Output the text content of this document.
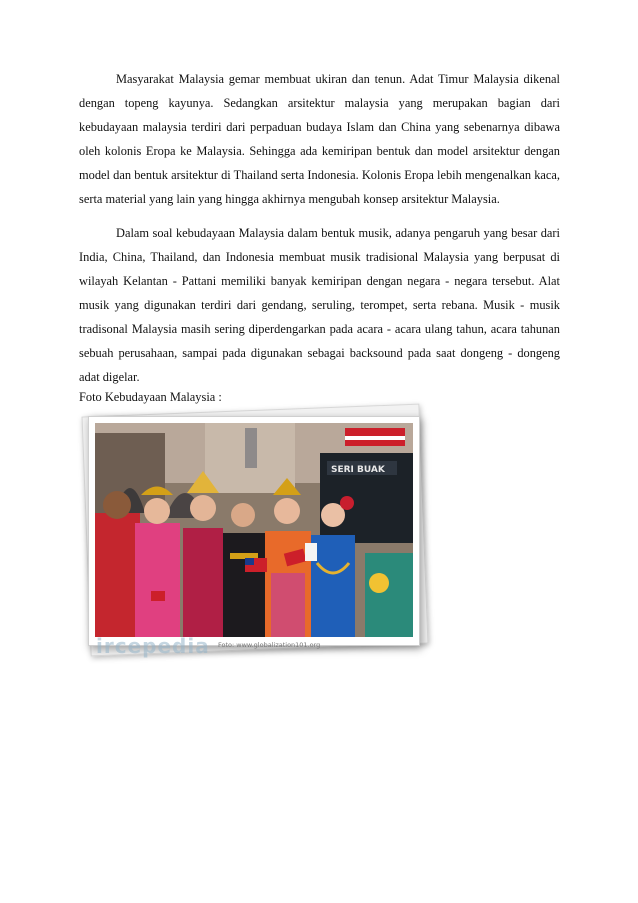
Masyarakat Malaysia gemar membuat ukiran dan tenun. Adat Timur Malaysia dikenal dengan topeng kayunya. Sedangkan arsitektur malaysia yang merupakan bagian dari kebudayaan malaysia terdiri dari perpaduan budaya Islam dan China yang sebenarnya dibawa oleh kolonis Eropa ke Malaysia. Sehingga ada kemiripan bentuk dan model arsitektur dengan model dan bentuk arsitektur di Thailand serta Indonesia. Kolonis Eropa lebih mengenalkan kaca, serta material yang lain yang hingga akhirnya mengubah konsep arsitektur Malaysia.

Dalam soal kebudayaan Malaysia dalam bentuk musik, adanya pengaruh yang besar dari India, China, Thailand, dan Indonesia membuat musik tradisional Malaysia yang berpusat di wilayah Kelantan - Pattani memiliki banyak kemiripan dengan negara - negara tersebut. Alat musik yang digunakan terdiri dari gendang, seruling, terompet, serta rebana. Musik - musik tradisonal Malaysia masih sering diperdengarkan pada acara - acara ulang tahun, acara tahunan sebuah perusahaan, sampai pada digunakan sebagai backsound pada saat dongeng - dongeng adat digelar.

Foto Kebudayaan Malaysia :

SERI BUAK
ircepedia Foto: www.globalization101.org
